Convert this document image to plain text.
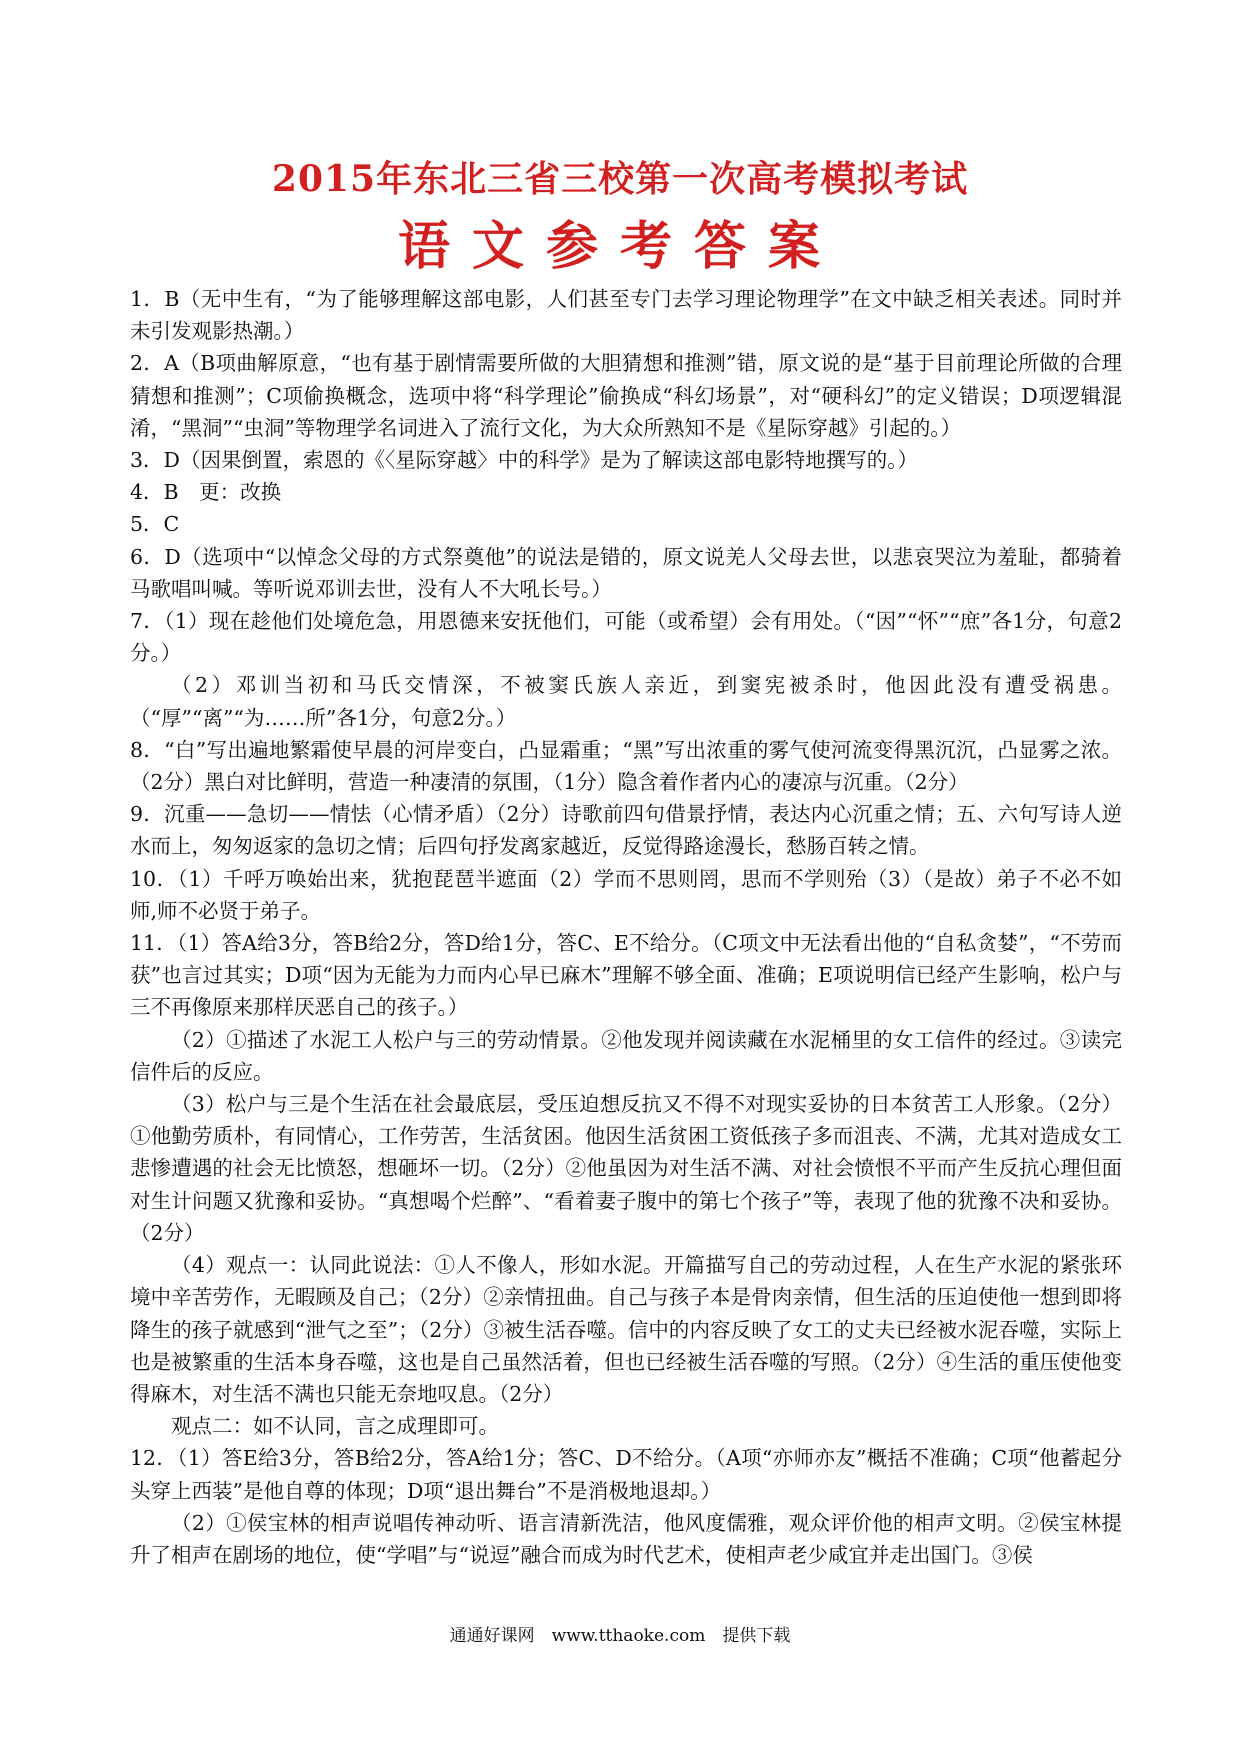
2015年东北三省三校第一次高考模拟考试
语文参考答案

1．B（无中生有，“为了能够理解这部电影，人们甚至专门去学习理论物理学”在文中缺乏相关表述。同时并未引发观影热潮。）

2．A（B项曲解原意，“也有基于剧情需要所做的大胆猜想和推测”错，原文说的是“基于目前理论所做的合理猜想和推测”；C项偷换概念，选项中将“科学理论”偷换成“科幻场景”，对“硬科幻”的定义错误；D项逻辑混淆，“黑洞”“虫洞”等物理学名词进入了流行文化，为大众所熟知不是《星际穿越》引起的。）

3．D（因果倒置，索恩的《〈星际穿越〉中的科学》是为了解读这部电影特地撰写的。）

4．B　更：改换

5．C

6．D（选项中“以悼念父母的方式祭奠他”的说法是错的，原文说羌人父母去世，以悲哀哭泣为羞耻，都骑着马歌唱叫喊。等听说邓训去世，没有人不大吼长号。）

7．（1）现在趁他们处境危急，用恩德来安抚他们，可能（或希望）会有用处。（“因”“怀”“庶”各1分，句意2分。）

（2）邓训当初和马氏交情深，不被窦氏族人亲近，到窦宪被杀时，他因此没有遭受祸患。（“厚”“离”“为……所”各1分，句意2分。）

8．“白”写出遍地繁霜使早晨的河岸变白，凸显霜重；“黑”写出浓重的雾气使河流变得黑沉沉，凸显雾之浓。（2分）黑白对比鲜明，营造一种凄清的氛围，（1分）隐含着作者内心的凄凉与沉重。（2分）

9．沉重——急切——情怯（心情矛盾）（2分）诗歌前四句借景抒情，表达内心沉重之情；五、六句写诗人逆水而上，匆匆返家的急切之情；后四句抒发离家越近，反觉得路途漫长，愁肠百转之情。

10．（1）千呼万唤始出来，犹抱琵琶半遮面（2）学而不思则罔，思而不学则殆（3）（是故）弟子不必不如师,师不必贤于弟子。

11．（1）答A给3分，答B给2分，答D给1分，答C、E不给分。（C项文中无法看出他的“自私贪婪”，“不劳而获”也言过其实；D项“因为无能为力而内心早已麻木”理解不够全面、准确；E项说明信已经产生影响，松户与三不再像原来那样厌恶自己的孩子。）

（2）①描述了水泥工人松户与三的劳动情景。②他发现并阅读藏在水泥桶里的女工信件的经过。③读完信件后的反应。

（3）松户与三是个生活在社会最底层，受压迫想反抗又不得不对现实妥协的日本贫苦工人形象。（2分）①他勤劳质朴，有同情心，工作劳苦，生活贫困。他因生活贫困工资低孩子多而沮丧、不满，尤其对造成女工悲惨遭遇的社会无比愤怒，想砸坏一切。（2分）②他虽因为对生活不满、对社会愤恨不平而产生反抗心理但面对生计问题又犹豫和妥协。“真想喝个烂醉”、“看着妻子腹中的第七个孩子”等，表现了他的犹豫不决和妥协。（2分）

（4）观点一：认同此说法：①人不像人，形如水泥。开篇描写自己的劳动过程，人在生产水泥的紧张环境中辛苦劳作，无暇顾及自己；（2分）②亲情扭曲。自己与孩子本是骨肉亲情，但生活的压迫使他一想到即将降生的孩子就感到“泄气之至”；（2分）③被生活吞噬。信中的内容反映了女工的丈夫已经被水泥吞噬，实际上也是被繁重的生活本身吞噬，这也是自己虽然活着，但也已经被生活吞噬的写照。（2分）④生活的重压使他变得麻木，对生活不满也只能无奈地叹息。（2分）

观点二：如不认同，言之成理即可。

12．（1）答E给3分，答B给2分，答A给1分；答C、D不给分。（A项“亦师亦友”概括不准确；C项“他蓄起分头穿上西装”是他自尊的体现；D项“退出舞台”不是消极地退却。）

（2）①侯宝林的相声说唱传神动听、语言清新洗洁，他风度儒雅，观众评价他的相声文明。②侯宝林提升了相声在剧场的地位，使“学唱”与“说逗”融合而成为时代艺术，使相声老少咸宜并走出国门。③侯

通通好课网　www.tthaoke.com　提供下载
